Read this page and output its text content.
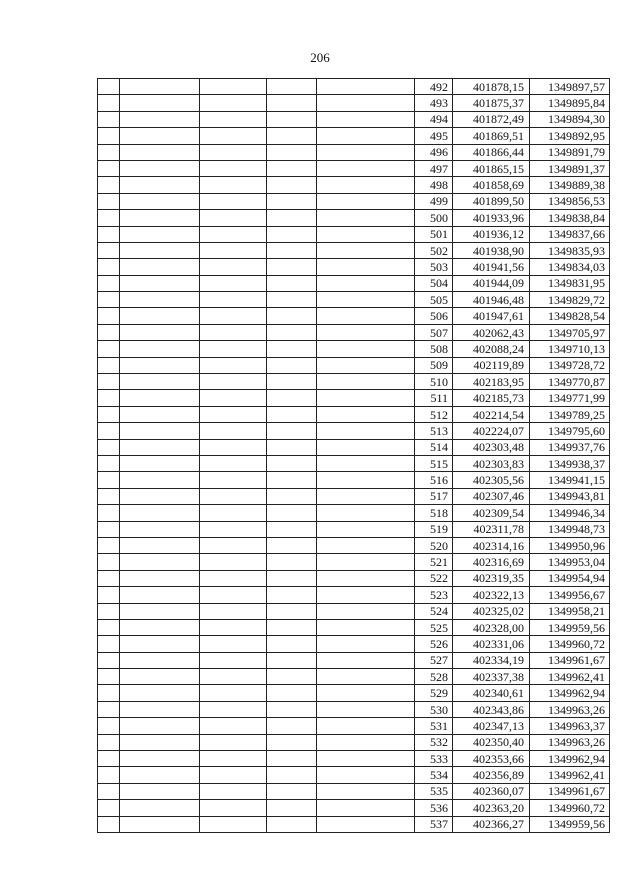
206
					492	401878,15	1349897,57
					493	401875,37	1349895,84
					494	401872,49	1349894,30
					495	401869,51	1349892,95
					496	401866,44	1349891,79
					497	401865,15	1349891,37
					498	401858,69	1349889,38
					499	401899,50	1349856,53
					500	401933,96	1349838,84
					501	401936,12	1349837,66
					502	401938,90	1349835,93
					503	401941,56	1349834,03
					504	401944,09	1349831,95
					505	401946,48	1349829,72
					506	401947,61	1349828,54
					507	402062,43	1349705,97
					508	402088,24	1349710,13
					509	402119,89	1349728,72
					510	402183,95	1349770,87
					511	402185,73	1349771,99
					512	402214,54	1349789,25
					513	402224,07	1349795,60
					514	402303,48	1349937,76
					515	402303,83	1349938,37
					516	402305,56	1349941,15
					517	402307,46	1349943,81
					518	402309,54	1349946,34
					519	402311,78	1349948,73
					520	402314,16	1349950,96
					521	402316,69	1349953,04
					522	402319,35	1349954,94
					523	402322,13	1349956,67
					524	402325,02	1349958,21
					525	402328,00	1349959,56
					526	402331,06	1349960,72
					527	402334,19	1349961,67
					528	402337,38	1349962,41
					529	402340,61	1349962,94
					530	402343,86	1349963,26
					531	402347,13	1349963,37
					532	402350,40	1349963,26
					533	402353,66	1349962,94
					534	402356,89	1349962,41
					535	402360,07	1349961,67
					536	402363,20	1349960,72
					537	402366,27	1349959,56
